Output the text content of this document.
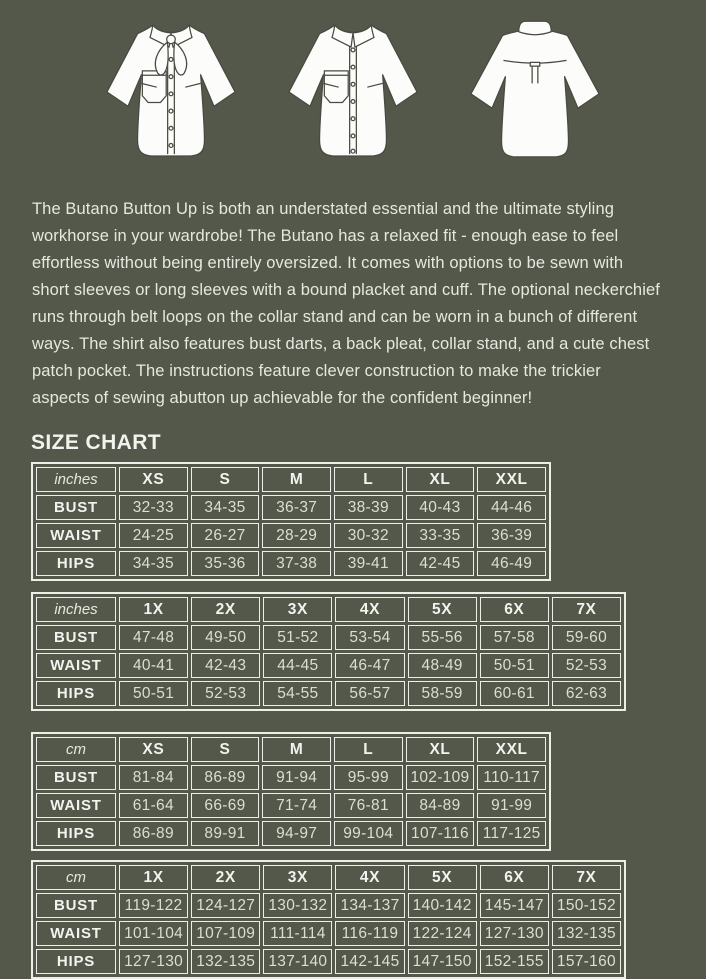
The Butano Button Up is both an understated essential and the ultimate styling
workhorse in your wardrobe! The Butano has a relaxed fit - enough ease to feel
effortless without being entirely oversized. It comes with options to be sewn with
short sleeves or long sleeves with a bound placket and cuff. The optional neckerchief
runs through belt loops on the collar stand and can be worn in a bunch of different
ways. The shirt also features bust darts, a back pleat, collar stand, and a cute chest
patch pocket. The instructions feature clever construction to make the trickier
aspects of sewing abutton up achievable for the confident beginner!
SIZE CHART
inches	XS	S	M	L	XL	XXL
BUST	32-33	34-35	36-37	38-39	40-43	44-46
WAIST	24-25	26-27	28-29	30-32	33-35	36-39
HIPS	34-35	35-36	37-38	39-41	42-45	46-49
inches	1X	2X	3X	4X	5X	6X	7X
BUST	47-48	49-50	51-52	53-54	55-56	57-58	59-60
WAIST	40-41	42-43	44-45	46-47	48-49	50-51	52-53
HIPS	50-51	52-53	54-55	56-57	58-59	60-61	62-63
cm	XS	S	M	L	XL	XXL
BUST	81-84	86-89	91-94	95-99	102-109	110-117
WAIST	61-64	66-69	71-74	76-81	84-89	91-99
HIPS	86-89	89-91	94-97	99-104	107-116	117-125
cm	1X	2X	3X	4X	5X	6X	7X
BUST	119-122	124-127	130-132	134-137	140-142	145-147	150-152
WAIST	101-104	107-109	111-114	116-119	122-124	127-130	132-135
HIPS	127-130	132-135	137-140	142-145	147-150	152-155	157-160
